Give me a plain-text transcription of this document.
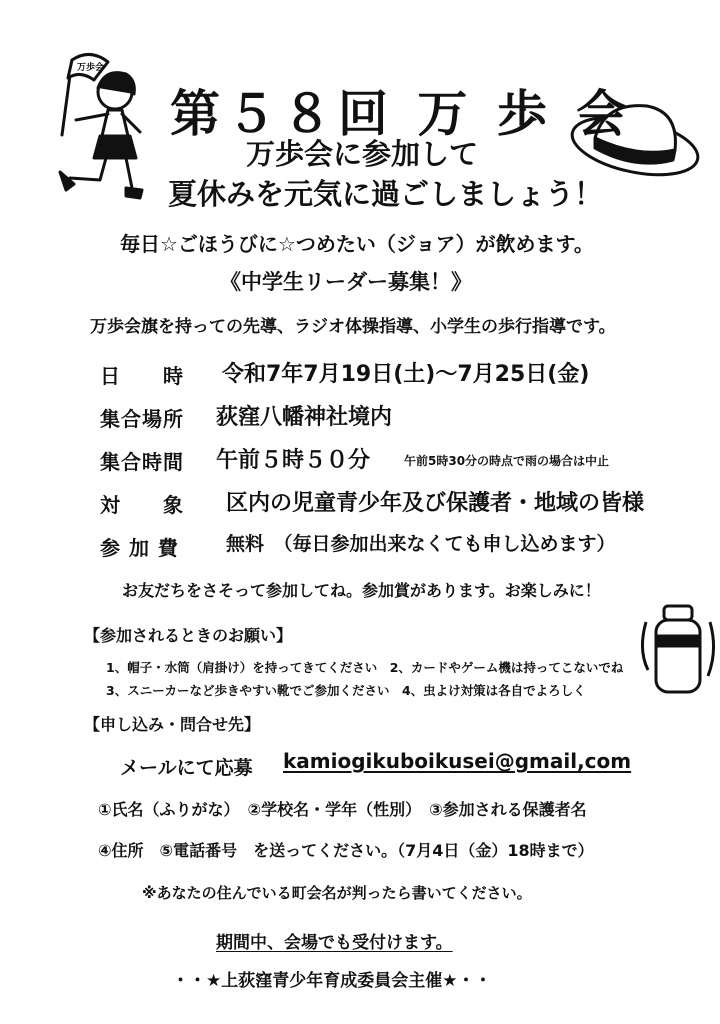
万歩会
第５８回 万 歩 会
万歩会に参加して
夏休みを元気に過ごしましょう！
毎日☆ごほうびに☆つめたい（ジョア）が飲めます。
《中学生リーダー募集！》
万歩会旗を持っての先導、ラジオ体操指導、小学生の歩行指導です。
日　　時 令和7年7月19日(土)～7月25日(金)
集合場所 荻窪八幡神社境内
集合時間 午前５時５０分	午前5時30分の時点で雨の場合は中止
対　　象 区内の児童青少年及び保護者・地域の皆様
参 加 費 無料　（毎日参加出来なくても申し込めます）
お友だちをさそって参加してね。参加賞があります。お楽しみに！
【参加されるときのお願い】
1、帽子・水筒（肩掛け）を持ってきてください　2、カードやゲーム機は持ってこないでね
3、スニーカーなど歩きやすい靴でご参加ください　4、虫よけ対策は各自でよろしく
【申し込み・問合せ先】
メールにて応募 kamiogikuboikusei@gmail,com
①氏名（ふりがな）　②学校名・学年（性別）　③参加される保護者名
④住所　⑤電話番号　を送ってください。（7月4日（金）18時まで）
※あなたの住んでいる町会名が判ったら書いてください。
期間中、会場でも受付けます。
・・★上荻窪青少年育成委員会主催★・・
